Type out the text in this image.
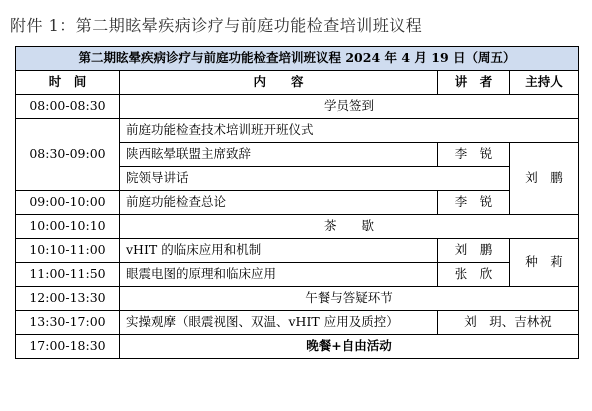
附件 1：第二期眩晕疾病诊疗与前庭功能检查培训班议程
第二期眩晕疾病诊疗与前庭功能检查培训班议程 2024 年 4 月 19 日（周五）			
时　间	内　　容	讲　者	主持人
08:00-08:30	学员签到		
08:30-09:00	前庭功能检查技术培训班开班仪式		
	陕西眩晕联盟主席致辞	李　锐	刘　鹏
	院领导讲话		
09:00-10:00	前庭功能检查总论	李　锐	
10:00-10:10	茶　　歇		
10:10-11:00	vHIT 的临床应用和机制	刘　鹏	种　莉
11:00-11:50	眼震电图的原理和临床应用	张　欣	
12:00-13:30	午餐与答疑环节		
13:30-17:00	实操观摩（眼震视图、双温、vHIT 应用及质控）	刘　玥、吉林祝	
17:00-18:30	晚餐+自由活动		
